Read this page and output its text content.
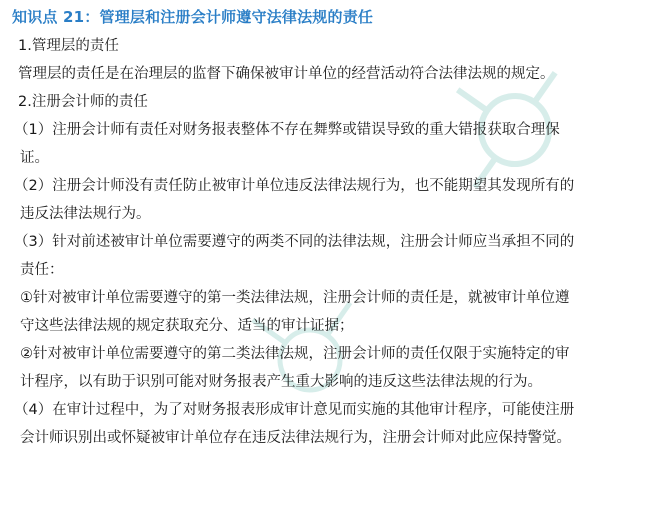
知识点 21：管理层和注册会计师遵守法律法规的责任
1.管理层的责任
管理层的责任是在治理层的监督下确保被审计单位的经营活动符合法律法规的规定。
2.注册会计师的责任
（1）注册会计师有责任对财务报表整体不存在舞弊或错误导致的重大错报获取合理保
证。
（2）注册会计师没有责任防止被审计单位违反法律法规行为，也不能期望其发现所有的
违反法律法规行为。
（3）针对前述被审计单位需要遵守的两类不同的法律法规，注册会计师应当承担不同的
责任：
①针对被审计单位需要遵守的第一类法律法规，注册会计师的责任是，就被审计单位遵
守这些法律法规的规定获取充分、适当的审计证据；
②针对被审计单位需要遵守的第二类法律法规，注册会计师的责任仅限于实施特定的审
计程序，以有助于识别可能对财务报表产生重大影响的违反这些法律法规的行为。
（4）在审计过程中，为了对财务报表形成审计意见而实施的其他审计程序，可能使注册
会计师识别出或怀疑被审计单位存在违反法律法规行为，注册会计师对此应保持警觉。
